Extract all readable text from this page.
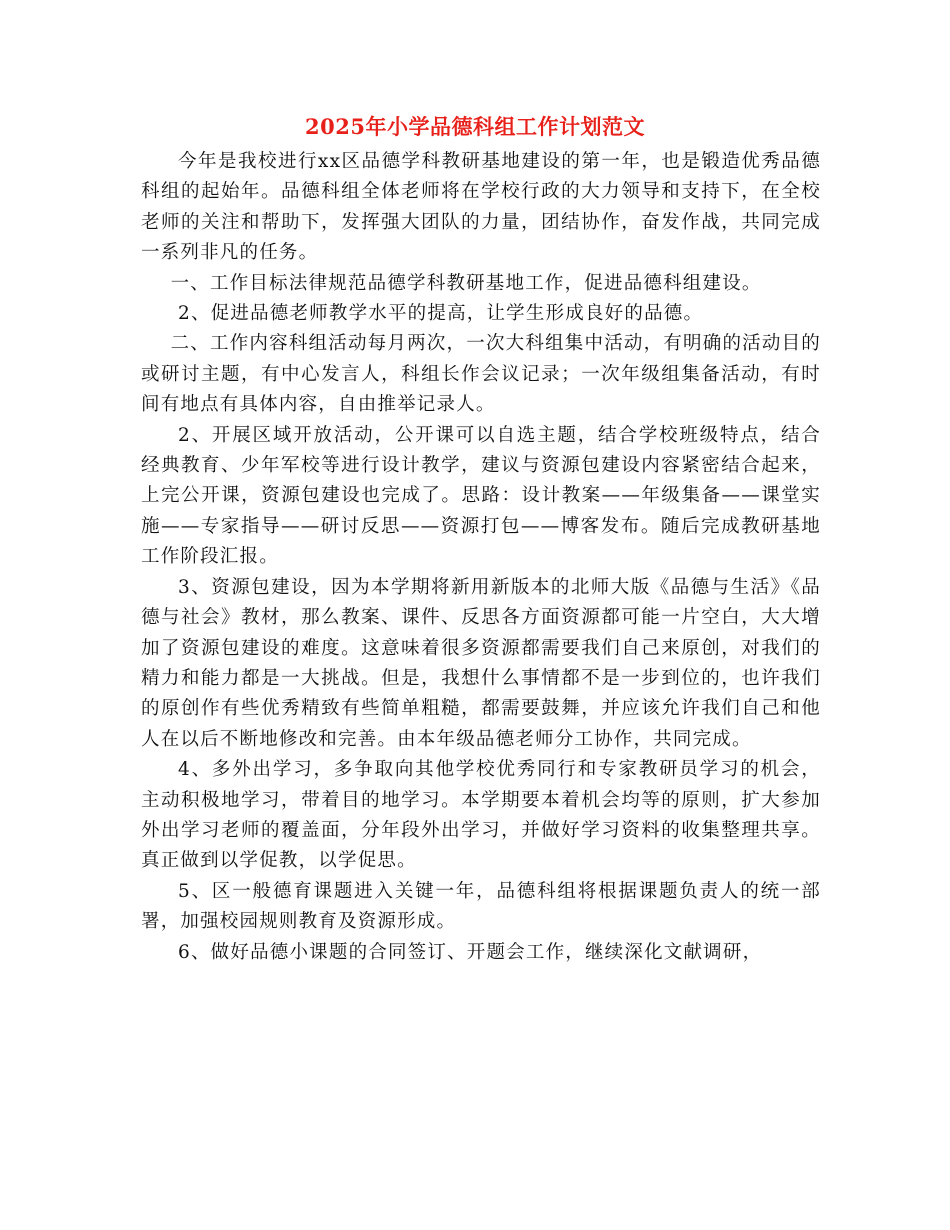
2025年小学品德科组工作计划范文

今年是我校进行xx区品德学科教研基地建设的第一年，也是锻造优秀品德科组的起始年。品德科组全体老师将在学校行政的大力领导和支持下，在全校老师的关注和帮助下，发挥强大团队的力量，团结协作，奋发作战，共同完成一系列非凡的任务。

一、工作目标法律规范品德学科教研基地工作，促进品德科组建设。

2、促进品德老师教学水平的提高，让学生形成良好的品德。

二、工作内容科组活动每月两次，一次大科组集中活动，有明确的活动目的或研讨主题，有中心发言人，科组长作会议记录；一次年级组集备活动，有时间有地点有具体内容，自由推举记录人。

2、开展区域开放活动，公开课可以自选主题，结合学校班级特点，结合经典教育、少年军校等进行设计教学，建议与资源包建设内容紧密结合起来，上完公开课，资源包建设也完成了。思路：设计教案——年级集备——课堂实施——专家指导——研讨反思——资源打包——博客发布。随后完成教研基地工作阶段汇报。

3、资源包建设，因为本学期将新用新版本的北师大版《品德与生活》《品德与社会》教材，那么教案、课件、反思各方面资源都可能一片空白，大大增加了资源包建设的难度。这意味着很多资源都需要我们自己来原创，对我们的精力和能力都是一大挑战。但是，我想什么事情都不是一步到位的，也许我们的原创作有些优秀精致有些简单粗糙，都需要鼓舞，并应该允许我们自己和他人在以后不断地修改和完善。由本年级品德老师分工协作，共同完成。

4、多外出学习，多争取向其他学校优秀同行和专家教研员学习的机会，主动积极地学习，带着目的地学习。本学期要本着机会均等的原则，扩大参加外出学习老师的覆盖面，分年段外出学习，并做好学习资料的收集整理共享。真正做到以学促教，以学促思。

5、区一般德育课题进入关键一年，品德科组将根据课题负责人的统一部署，加强校园规则教育及资源形成。

6、做好品德小课题的合同签订、开题会工作，继续深化文献调研，
